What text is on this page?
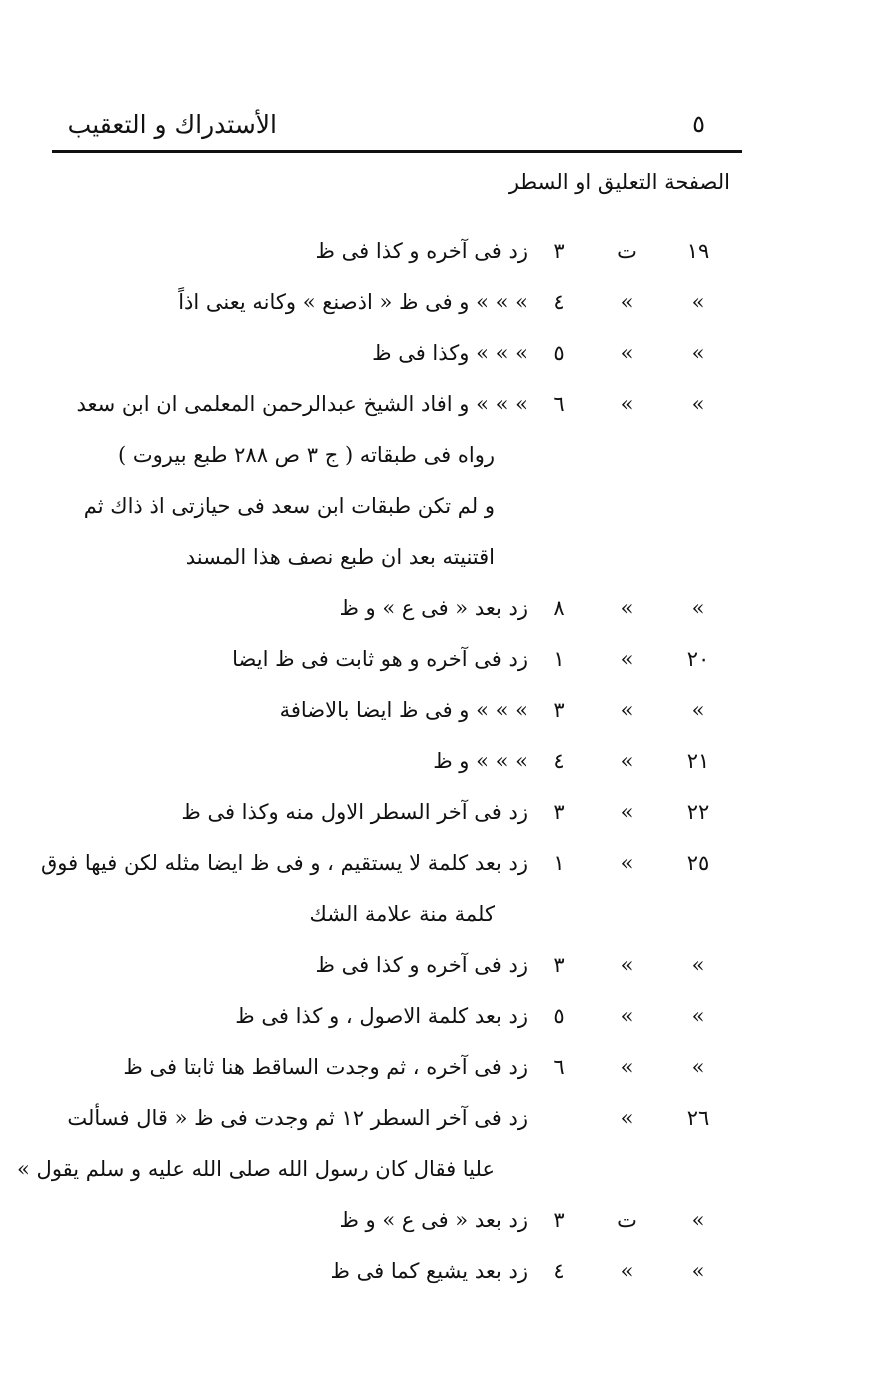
٥
الأستدراك و التعقيب
الصفحة التعليق او السطر
١٩
ت
٣
زد فى آخره و كذا فى ظ
»
»
٤
» » » و فى ظ « اذصنع » وكانه يعنى اذاً
»
»
٥
» » » وكذا فى ظ
»
»
٦
» » » و افاد الشيخ عبدالرحمن المعلمى ان ابن سعد
رواه فى طبقاته ( ج ٣ ص ٢٨٨ طبع بيروت )
و لم تكن طبقات ابن سعد فى حيازتى اذ ذاك ثم
اقتنيته بعد ان طبع نصف هذا المسند
»
»
٨
زد بعد « فى ع » و ظ
٢٠
»
١
زد فى آخره و هو ثابت فى ظ ايضا
»
»
٣
» » » و فى ظ ايضا بالاضافة
٢١
»
٤
» » » و ظ
٢٢
»
٣
زد فى آخر السطر الاول منه وكذا فى ظ
٢٥
»
١
زد بعد كلمة لا يستقيم ، و فى ظ ايضا مثله لكن فيها فوق
كلمة منة علامة الشك
»
»
٣
زد فى آخره و كذا فى ظ
»
»
٥
زد بعد كلمة الاصول ، و كذا فى ظ
»
»
٦
زد فى آخره ، ثم وجدت الساقط هنا ثابتا فى ظ
٢٦
»
زد فى آخر السطر ١٢ ثم وجدت فى ظ « قال فسألت
عليا فقال كان رسول الله صلى الله عليه و سلم يقول »
»
ت
٣
زد بعد « فى ع » و ظ
»
»
٤
زد بعد يشيع كما فى ظ
